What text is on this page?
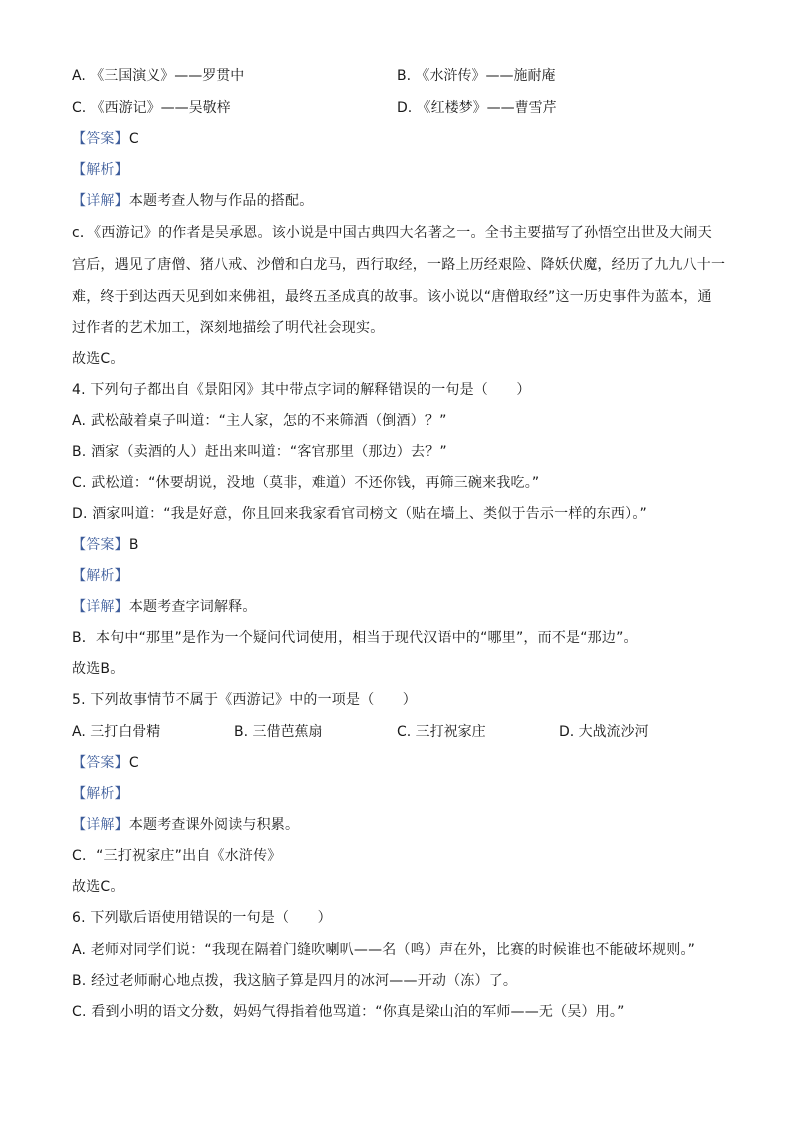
A. 《三国演义》——罗贯中	B. 《水浒传》——施耐庵
C. 《西游记》——吴敬梓	D. 《红楼梦》——曹雪芹
【答案】C
【解析】
【详解】本题考查人物与作品的搭配。
c．《西游记》的作者是吴承恩。该小说是中国古典四大名著之一。全书主要描写了孙悟空出世及大闹天
宫后，遇见了唐僧、猪八戒、沙僧和白龙马，西行取经，一路上历经艰险、降妖伏魔，经历了九九八十一
难，终于到达西天见到如来佛祖，最终五圣成真的故事。该小说以“唐僧取经”这一历史事件为蓝本，通
过作者的艺术加工，深刻地描绘了明代社会现实。
故选C。
4. 下列句子都出自《景阳冈》其中带点字词的解释错误的一句是（　　）
A. 武松敲着桌子叫道：“主人家，怎的不来筛酒（倒酒）？”
B. 酒家（卖酒的人）赶出来叫道：“客官那里（那边）去？”
C. 武松道：“休要胡说，没地（莫非，难道）不还你钱，再筛三碗来我吃。”
D. 酒家叫道：“我是好意，你且回来我家看官司榜文（贴在墙上、类似于告示一样的东西）。”
【答案】B
【解析】
【详解】本题考查字词解释。
B．本句中“那里”是作为一个疑问代词使用，相当于现代汉语中的“哪里”，而不是“那边”。
故选B。
5. 下列故事情节不属于《西游记》中的一项是（　　）
A. 三打白骨精	B. 三借芭蕉扇	C. 三打祝家庄	D. 大战流沙河
【答案】C
【解析】
【详解】本题考查课外阅读与积累。
C．“三打祝家庄”出自《水浒传》
故选C。
6. 下列歇后语使用错误的一句是（　　）
A. 老师对同学们说：“我现在隔着门缝吹喇叭——名（鸣）声在外，比赛的时候谁也不能破坏规则。”
B. 经过老师耐心地点拨，我这脑子算是四月的冰河——开动（冻）了。
C. 看到小明的语文分数，妈妈气得指着他骂道：“你真是梁山泊的军师——无（吴）用。”
